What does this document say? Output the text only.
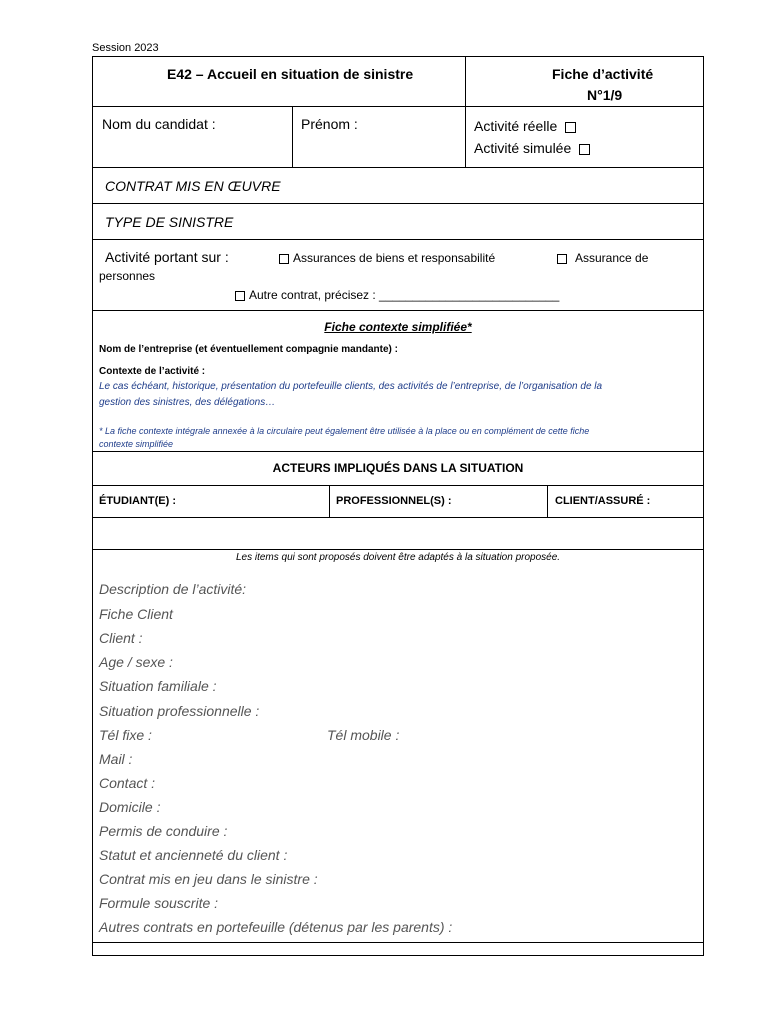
Session 2023
E42 – Accueil en situation de sinistre	Fiche d’activité
N°1/9
Nom du candidat :	Prénom :	Activité réelle
Activité simulée
CONTRAT MIS EN ŒUVRE
TYPE DE SINISTRE
Activité portant sur :	Assurances de biens et responsabilité	Assurance de
personnes
Autre contrat, précisez : ___________________________
Fiche contexte simplifiée*
Nom de l’entreprise (et éventuellement compagnie mandante) :
Contexte de l’activité :
Le cas échéant, historique, présentation du portefeuille clients, des activités de l’entreprise, de l’organisation de la
gestion des sinistres, des délégations…
* La fiche contexte intégrale annexée à la circulaire peut également être utilisée à la place ou en complément de cette fiche
contexte simplifiée
ACTEURS IMPLIQUÉS DANS LA SITUATION
ÉTUDIANT(E) :	PROFESSIONNEL(S) :	CLIENT/ASSURÉ :
Les items qui sont proposés doivent être adaptés à la situation proposée.
Description de l’activité:
Fiche Client
Client :
Age / sexe :
Situation familiale :
Situation professionnelle :
Tél fixe :	Tél mobile :
Mail :
Contact :
Domicile :
Permis de conduire :
Statut et ancienneté du client :
Contrat mis en jeu dans le sinistre :
Formule souscrite :
Autres contrats en portefeuille (détenus par les parents) :
